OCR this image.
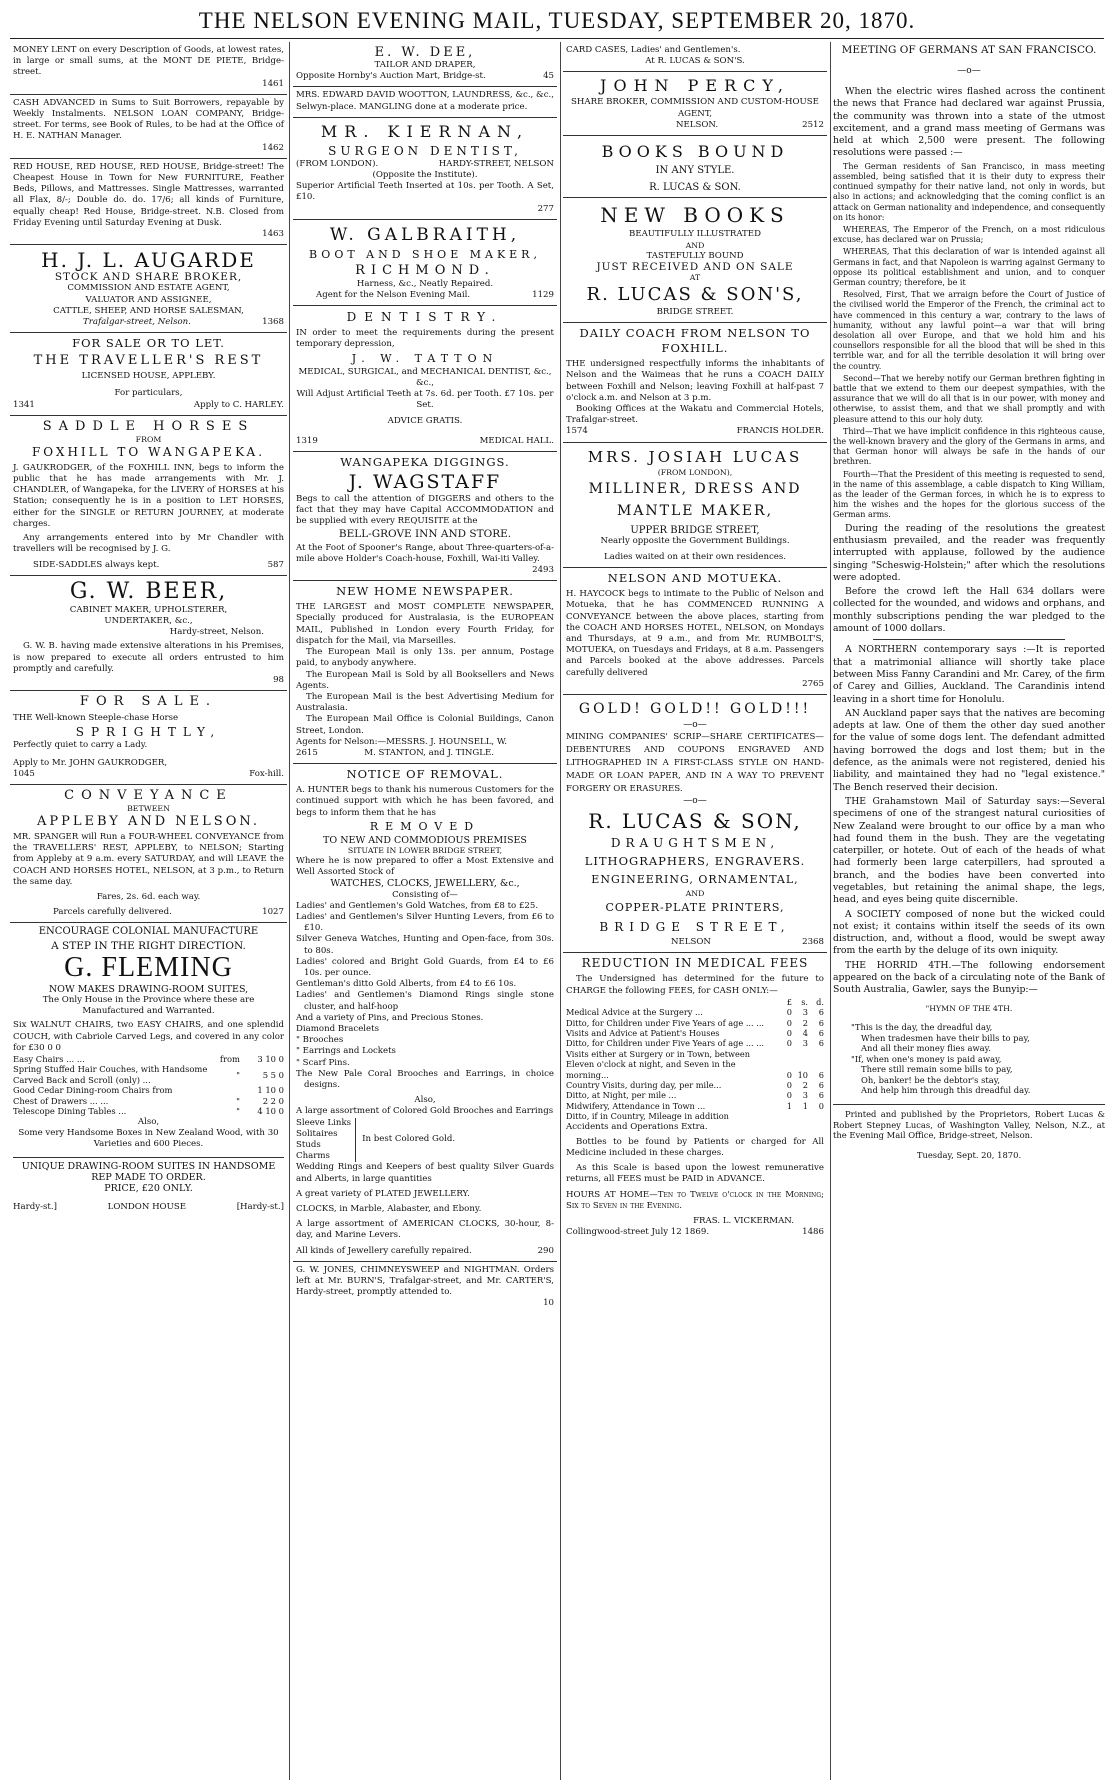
THE NELSON EVENING MAIL, TUESDAY, SEPTEMBER 20, 1870.

MONEY LENT on every Description of Goods, at lowest rates, in large or small sums, at the MONT DE PIETE, Bridge-street.

1461

CASH ADVANCED in Sums to Suit Borrowers, repayable by Weekly Instalments. NELSON LOAN COMPANY, Bridge-street. For terms, see Book of Rules, to be had at the Office of H. E. NATHAN Manager.

1462

RED HOUSE, RED HOUSE, RED HOUSE, Bridge-street! The Cheapest House in Town for New FURNITURE, Feather Beds, Pillows, and Mattresses. Single Mattresses, warranted all Flax, 8/-; Double do. do. 17/6; all kinds of Furniture, equally cheap! Red House, Bridge-street. N.B. Closed from Friday Evening until Saturday Evening at Dusk.

1463

H. J. L. AUGARDE

STOCK AND SHARE BROKER,

COMMISSION AND ESTATE AGENT,

VALUATOR AND ASSIGNEE,

CATTLE, SHEEP, AND HORSE SALESMAN,

Trafalgar-street, Nelson.	1368

FOR SALE OR TO LET.

THE TRAVELLER'S REST

LICENSED HOUSE, APPLEBY.

For particulars,

1341	Apply to C. HARLEY.

SADDLE HORSES

FROM

FOXHILL TO WANGAPEKA.

J. GAUKRODGER, of the FOXHILL INN, begs to inform the public that he has made arrangements with Mr. J. CHANDLER, of Wangapeka, for the LIVERY of HORSES at his Station; consequently he is in a position to LET HORSES, either for the SINGLE or RETURN JOURNEY, at moderate charges.

Any arrangements entered into by Mr Chandler with travellers will be recognised by J. G.

SIDE-SADDLES always kept.	587

G. W. BEER,

CABINET MAKER, UPHOLSTERER,

UNDERTAKER, &c.,

Hardy-street, Nelson.

G. W. B. having made extensive alterations in his Premises, is now prepared to execute all orders entrusted to him promptly and carefully.

98

FOR SALE.

THE Well-known Steeple-chase Horse

SPRIGHTLY,

Perfectly quiet to carry a Lady.

Apply to Mr. JOHN GAUKRODGER,

1045	Fox-hill.

CONVEYANCE

BETWEEN

APPLEBY AND NELSON.

MR. SPANGER will Run a FOUR-WHEEL CONVEYANCE from the TRAVELLERS' REST, APPLEBY, to NELSON; Starting from Appleby at 9 a.m. every SATURDAY, and will LEAVE the COACH AND HORSES HOTEL, NELSON, at 3 p.m., to Return the same day.

Fares, 2s. 6d. each way.

Parcels carefully delivered.	1027

ENCOURAGE COLONIAL MANUFACTURE

A STEP IN THE RIGHT DIRECTION.

G. FLEMING

NOW MAKES DRAWING-ROOM SUITES,

The Only House in the Province where these are Manufactured and Warranted.

Six WALNUT CHAIRS, two EASY CHAIRS, and one splendid COUCH, with Cabriole Carved Legs, and covered in any color for £30 0 0

Easy Chairs ... ...	from	3 10 0
Spring Stuffed Hair Couches, with Handsome Carved Back and Scroll (only) ...	"	5 5 0
Good Cedar Dining-room Chairs from		1 10 0
Chest of Drawers ... ...	"	2 2 0
Telescope Dining Tables ...	"	4 10 0

Also,

Some very Handsome Boxes in New Zealand Wood, with 30 Varieties and 600 Pieces.

UNIQUE DRAWING-ROOM SUITES IN HANDSOME REP MADE TO ORDER.

PRICE, £20 ONLY.

Hardy-st.]	LONDON HOUSE	[Hardy-st.]

E. W. DEE,

TAILOR AND DRAPER,

Opposite Hornby's Auction Mart, Bridge-st.	45

MRS. EDWARD DAVID WOOTTON, LAUNDRESS, &c., &c., Selwyn-place. MANGLING done at a moderate price.

MR. KIERNAN,

SURGEON DENTIST,

(FROM LONDON).	HARDY-STREET, NELSON

(Opposite the Institute).

Superior Artificial Teeth Inserted at 10s. per Tooth. A Set, £10.

277

W. GALBRAITH,

BOOT AND SHOE MAKER,

RICHMOND.

Harness, &c., Neatly Repaired.

Agent for the Nelson Evening Mail.	1129

DENTISTRY.

IN order to meet the requirements during the present temporary depression,

J. W. TATTON

MEDICAL, SURGICAL, and MECHANICAL DENTIST, &c., &c.,

Will Adjust Artificial Teeth at 7s. 6d. per Tooth. £7 10s. per Set.

ADVICE GRATIS.

1319	MEDICAL HALL.

WANGAPEKA DIGGINGS.

J. WAGSTAFF

Begs to call the attention of DIGGERS and others to the fact that they may have Capital ACCOMMODATION and be supplied with every REQUISITE at the

BELL-GROVE INN AND STORE.

At the Foot of Spooner's Range, about Three-quarters-of-a-mile above Holder's Coach-house, Foxhill, Wai-iti Valley.

2493

NEW HOME NEWSPAPER.

THE LARGEST and MOST COMPLETE NEWSPAPER, Specially produced for Australasia, is the EUROPEAN MAIL, Published in London every Fourth Friday, for dispatch for the Mail, via Marseilles.

The European Mail is only 13s. per annum, Postage paid, to anybody anywhere.

The European Mail is Sold by all Booksellers and News Agents.

The European Mail is the best Advertising Medium for Australasia.

The European Mail Office is Colonial Buildings, Canon Street, London.

Agents for Nelson:—MESSRS. J. HOUNSELL, W.

2615	M. STANTON, and J. TINGLE.

NOTICE OF REMOVAL.

A. HUNTER begs to thank his numerous Customers for the continued support with which he has been favored, and begs to inform them that he has

REMOVED

TO NEW AND COMMODIOUS PREMISES

SITUATE IN LOWER BRIDGE STREET,

Where he is now prepared to offer a Most Extensive and Well Assorted Stock of

WATCHES, CLOCKS, JEWELLERY, &c.,

Consisting of—

Ladies' and Gentlemen's Gold Watches, from £8 to £25.

Ladies' and Gentlemen's Silver Hunting Levers, from £6 to £10.

Silver Geneva Watches, Hunting and Open-face, from 30s. to 80s.

Ladies' colored and Bright Gold Guards, from £4 to £6 10s. per ounce.

Gentleman's ditto Gold Alberts, from £4 to £6 10s.

Ladies' and Gentlemen's Diamond Rings single stone cluster, and half-hoop

And a variety of Pins, and Precious Stones.

Diamond Bracelets

" Brooches

" Earrings and Lockets

" Scarf Pins.

The New Pale Coral Brooches and Earrings, in choice designs.

Also,

A large assortment of Colored Gold Brooches and Earrings

Sleeve Links

Solitaires

Studs

Charms

In best Colored Gold.

Wedding Rings and Keepers of best quality Silver Guards and Alberts, in large quantities

A great variety of PLATED JEWELLERY.

CLOCKS, in Marble, Alabaster, and Ebony.

A large assortment of AMERICAN CLOCKS, 30-hour, 8-day, and Marine Levers.

All kinds of Jewellery carefully repaired.	290

G. W. JONES, CHIMNEYSWEEP and NIGHTMAN. Orders left at Mr. BURN'S, Trafalgar-street, and Mr. CARTER'S, Hardy-street, promptly attended to.

10

CARD CASES, Ladies' and Gentlemen's.

At R. LUCAS & SON'S.

JOHN PERCY,

SHARE BROKER, COMMISSION AND CUSTOM-HOUSE AGENT,

NELSON.	2512

BOOKS BOUND

IN ANY STYLE.

R. LUCAS & SON.

NEW BOOKS

BEAUTIFULLY ILLUSTRATED

AND

TASTEFULLY BOUND

JUST RECEIVED AND ON SALE

AT

R. LUCAS & SON'S,

BRIDGE STREET.

DAILY COACH FROM NELSON TO FOXHILL.

THE undersigned respectfully informs the inhabitants of Nelson and the Waimeas that he runs a COACH DAILY between Foxhill and Nelson; leaving Foxhill at half-past 7 o'clock a.m. and Nelson at 3 p.m.

Booking Offices at the Wakatu and Commercial Hotels, Trafalgar-street.

1574	FRANCIS HOLDER.

MRS. JOSIAH LUCAS

(FROM LONDON),

MILLINER, DRESS AND MANTLE MAKER,

UPPER BRIDGE STREET,

Nearly opposite the Government Buildings.

Ladies waited on at their own residences.

NELSON AND MOTUEKA.

H. HAYCOCK begs to intimate to the Public of Nelson and Motueka, that he has COMMENCED RUNNING A CONVEYANCE between the above places, starting from the COACH AND HORSES HOTEL, NELSON, on Mondays and Thursdays, at 9 a.m., and from Mr. RUMBOLT'S, MOTUEKA, on Tuesdays and Fridays, at 8 a.m. Passengers and Parcels booked at the above addresses. Parcels carefully delivered

2765

GOLD! GOLD!! GOLD!!!

—o—

MINING COMPANIES' SCRIP—SHARE CERTIFICATES—DEBENTURES AND COUPONS ENGRAVED AND LITHOGRAPHED IN A FIRST-CLASS STYLE ON HAND-MADE OR LOAN PAPER, AND IN A WAY TO PREVENT FORGERY OR ERASURES.

—o—

R. LUCAS & SON,

DRAUGHTSMEN,

LITHOGRAPHERS, ENGRAVERS.

ENGINEERING, ORNAMENTAL,

AND

COPPER-PLATE PRINTERS,

BRIDGE STREET,

NELSON	2368

REDUCTION IN MEDICAL FEES

The Undersigned has determined for the future to CHARGE the following FEES, for CASH ONLY:—

	£	s.	d.
Medical Advice at the Surgery ...	0	3	6
Ditto, for Children under Five Years of age ... ...	0	2	6
Visits and Advice at Patient's Houses	0	4	6
Ditto, for Children under Five Years of age ... ...	0	3	6
Visits either at Surgery or in Town, between Eleven o'clock at night, and Seven in the morning...	0	10	6
Country Visits, during day, per mile...	0	2	6
Ditto, at Night, per mile ...	0	3	6
Midwifery, Attendance in Town ...	1	1	0
Ditto, if in Country, Mileage in addition			

Accidents and Operations Extra.

Bottles to be found by Patients or charged for All Medicine included in these charges.

As this Scale is based upon the lowest remunerative returns, all FEES must be PAID in ADVANCE.

HOURS AT HOME—Ten to Twelve o'clock in the Morning; Six to Seven in the Evening.

FRAS. L. VICKERMAN.

Collingwood-street July 12 1869.	1486
MEETING OF GERMANS AT SAN FRANCISCO.

—o—

When the electric wires flashed across the continent the news that France had declared war against Prussia, the community was thrown into a state of the utmost excitement, and a grand mass meeting of Germans was held at which 2,500 were present. The following resolutions were passed :—

The German residents of San Francisco, in mass meeting assembled, being satisfied that it is their duty to express their continued sympathy for their native land, not only in words, but also in actions; and acknowledging that the coming conflict is an attack on German nationality and independence, and consequently on its honor:

WHEREAS, The Emperor of the French, on a most ridiculous excuse, has declared war on Prussia;

WHEREAS, That this declaration of war is intended against all Germans in fact, and that Napoleon is warring against Germany to oppose its political establishment and union, and to conquer German country; therefore, be it

Resolved, First, That we arraign before the Court of Justice of the civilised world the Emperor of the French, the criminal act to have commenced in this century a war, contrary to the laws of humanity, without any lawful point—a war that will bring desolation all over Europe, and that we hold him and his counsellors responsible for all the blood that will be shed in this terrible war, and for all the terrible desolation it will bring over the country.

Second—That we hereby notify our German brethren fighting in battle that we extend to them our deepest sympathies, with the assurance that we will do all that is in our power, with money and otherwise, to assist them, and that we shall promptly and with pleasure attend to this our holy duty.

Third—That we have implicit confidence in this righteous cause, the well-known bravery and the glory of the Germans in arms, and that German honor will always be safe in the hands of our brethren.

Fourth—That the President of this meeting is requested to send, in the name of this assemblage, a cable dispatch to King William, as the leader of the German forces, in which he is to express to him the wishes and the hopes for the glorious success of the German arms.

During the reading of the resolutions the greatest enthusiasm prevailed, and the reader was frequently interrupted with applause, followed by the audience singing "Scheswig-Holstein;" after which the resolutions were adopted.

Before the crowd left the Hall 634 dollars were collected for the wounded, and widows and orphans, and monthly subscriptions pending the war pledged to the amount of 1000 dollars.

A NORTHERN contemporary says :—It is reported that a matrimonial alliance will shortly take place between Miss Fanny Carandini and Mr. Carey, of the firm of Carey and Gillies, Auckland. The Carandinis intend leaving in a short time for Honolulu.

AN Auckland paper says that the natives are becoming adepts at law. One of them the other day sued another for the value of some dogs lent. The defendant admitted having borrowed the dogs and lost them; but in the defence, as the animals were not registered, denied his liability, and maintained they had no "legal existence." The Bench reserved their decision.

THE Grahamstown Mail of Saturday says:—Several specimens of one of the strangest natural curiosities of New Zealand were brought to our office by a man who had found them in the bush. They are the vegetating caterpiller, or hotete. Out of each of the heads of what had formerly been large caterpillers, had sprouted a branch, and the bodies have been converted into vegetables, but retaining the animal shape, the legs, head, and eyes being quite discernible.

A SOCIETY composed of none but the wicked could not exist; it contains within itself the seeds of its own distruction, and, without a flood, would be swept away from the earth by the deluge of its own iniquity.

THE HORRID 4TH.—The following endorsement appeared on the back of a circulating note of the Bank of South Australia, Gawler, says the Bunyip:—

"HYMN OF THE 4TH.

"This is the day, the dreadful day,

When tradesmen have their bills to pay,

And all their money flies away.

"If, when one's money is paid away,

There still remain some bills to pay,

Oh, banker! be the debtor's stay,

And help him through this dreadful day.

Printed and published by the Proprietors, Robert Lucas & Robert Stepney Lucas, of Washington Valley, Nelson, N.Z., at the Evening Mail Office, Bridge-street, Nelson.

Tuesday, Sept. 20, 1870.
